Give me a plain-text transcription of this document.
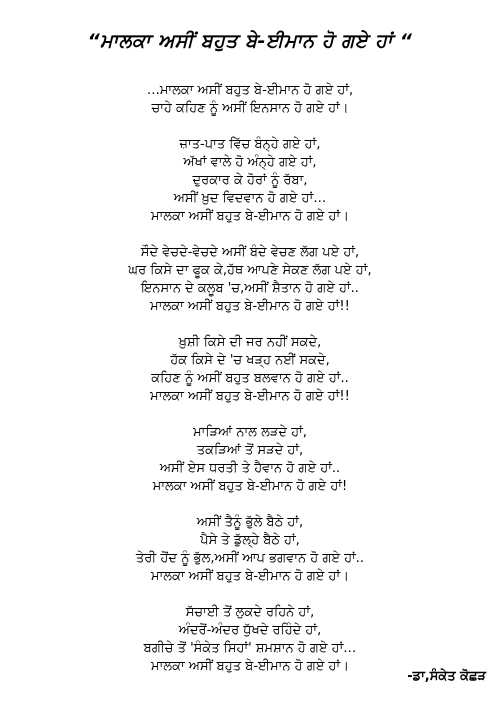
“ਮਾਲਕਾ ਅਸੀਂ ਬਹੁਤ ਬੇ-ਈਮਾਨ ਹੋ ਗਏ ਹਾਂ “
…ਮਾਲਕਾ ਅਸੀਂ ਬਹੁਤ ਬੇ-ਈਮਾਨ ਹੋ ਗਏ ਹਾਂ,
ਚਾਹੇ ਕਹਿਣ ਨੂੰ ਅਸੀਂ ਇਨਸਾਨ ਹੋ ਗਏ ਹਾਂ।
ਜ਼ਾਤ-ਪਾਤ ਵਿੱਚ ਬੰਨ੍ਹੇ ਗਏ ਹਾਂ,
ਅੱਖਾਂ ਵਾਲੇ ਹੋ ਅੰਨ੍ਹੇ ਗਏ ਹਾਂ,
ਦੁਰਕਾਰ ਕੇ ਹੋਰਾਂ ਨੂੰ ਰੱਬਾ,
ਅਸੀਂ ਖ਼ੁਦ ਵਿਦਵਾਨ ਹੋ ਗਏ ਹਾਂ…
ਮਾਲਕਾ ਅਸੀਂ ਬਹੁਤ ਬੇ-ਈਮਾਨ ਹੋ ਗਏ ਹਾਂ।
ਸੌਦੇ ਵੇਚਦੇ-ਵੇਚਦੇ ਅਸੀਂ ਬੰਦੇ ਵੇਚਣ ਲੱਗ ਪਏ ਹਾਂ,
ਘਰ ਕਿਸੇ ਦਾ ਫੂਕ ਕੇ,ਹੱਥ ਆਪਣੇ ਸੇਕਣ ਲੱਗ ਪਏ ਹਾਂ,
ਇਨਸਾਨ ਦੇ ਕਲੂਬ 'ਚ,ਅਸੀਂ ਸ਼ੈਤਾਨ ਹੋ ਗਏ ਹਾਂ..
ਮਾਲਕਾ ਅਸੀਂ ਬਹੁਤ ਬੇ-ਈਮਾਨ ਹੋ ਗਏ ਹਾਂ!!
ਖ਼ੁਸ਼ੀ ਕਿਸੇ ਦੀ ਜਰ ਨਹੀਂ ਸਕਦੇ,
ਹੱਕ ਕਿਸੇ ਦੇ 'ਚ ਖੜ੍ਹ ਨਈਂ ਸਕਦੇ,
ਕਹਿਣ ਨੂੰ ਅਸੀਂ ਬਹੁਤ ਬਲਵਾਨ ਹੋ ਗਏ ਹਾਂ..
ਮਾਲਕਾ ਅਸੀਂ ਬਹੁਤ ਬੇ-ਈਮਾਨ ਹੋ ਗਏ ਹਾਂ!!
ਮਾੜਿਆਂ ਨਾਲ ਲੜਦੇ ਹਾਂ,
ਤਕੜਿਆਂ ਤੋਂ ਸੜਦੇ ਹਾਂ,
ਅਸੀਂ ਏਸ ਧਰਤੀ ਤੇ ਹੈਵਾਨ ਹੋ ਗਏ ਹਾਂ..
ਮਾਲਕਾ ਅਸੀਂ ਬਹੁਤ ਬੇ-ਈਮਾਨ ਹੋ ਗਏ ਹਾਂ!
ਅਸੀਂ ਤੈਨੂੰ ਭੁੱਲੇ ਬੈਠੇ ਹਾਂ,
ਪੈਸੇ ਤੇ ਡੁੱਲ੍ਹੇ ਬੈਠੇ ਹਾਂ,
ਤੇਰੀ ਹੋਂਦ ਨੂੰ ਭੁੱਲ,ਅਸੀਂ ਆਪ ਭਗਵਾਨ ਹੋ ਗਏ ਹਾਂ..
ਮਾਲਕਾ ਅਸੀਂ ਬਹੁਤ ਬੇ-ਈਮਾਨ ਹੋ ਗਏ ਹਾਂ।
ਸੱਚਾਈ ਤੋਂ ਲੁਕਦੇ ਰਹਿਨੇ ਹਾਂ,
ਅੰਦਰੋਂ-ਅੰਦਰ ਧੁੱਖਦੇ ਰਹਿੰਦੇ ਹਾਂ,
ਬਗੀਚੇ ਤੋਂ 'ਸੰਕੇਤ ਸਿਹਾਂ' ਸ਼ਮਸ਼ਾਨ ਹੋ ਗਏ ਹਾਂ…
ਮਾਲਕਾ ਅਸੀਂ ਬਹੁਤ ਬੇ-ਈਮਾਨ ਹੋ ਗਏ ਹਾਂ।
-ਡਾ,ਸੰਕੇਤ ਕੋਛੜ
